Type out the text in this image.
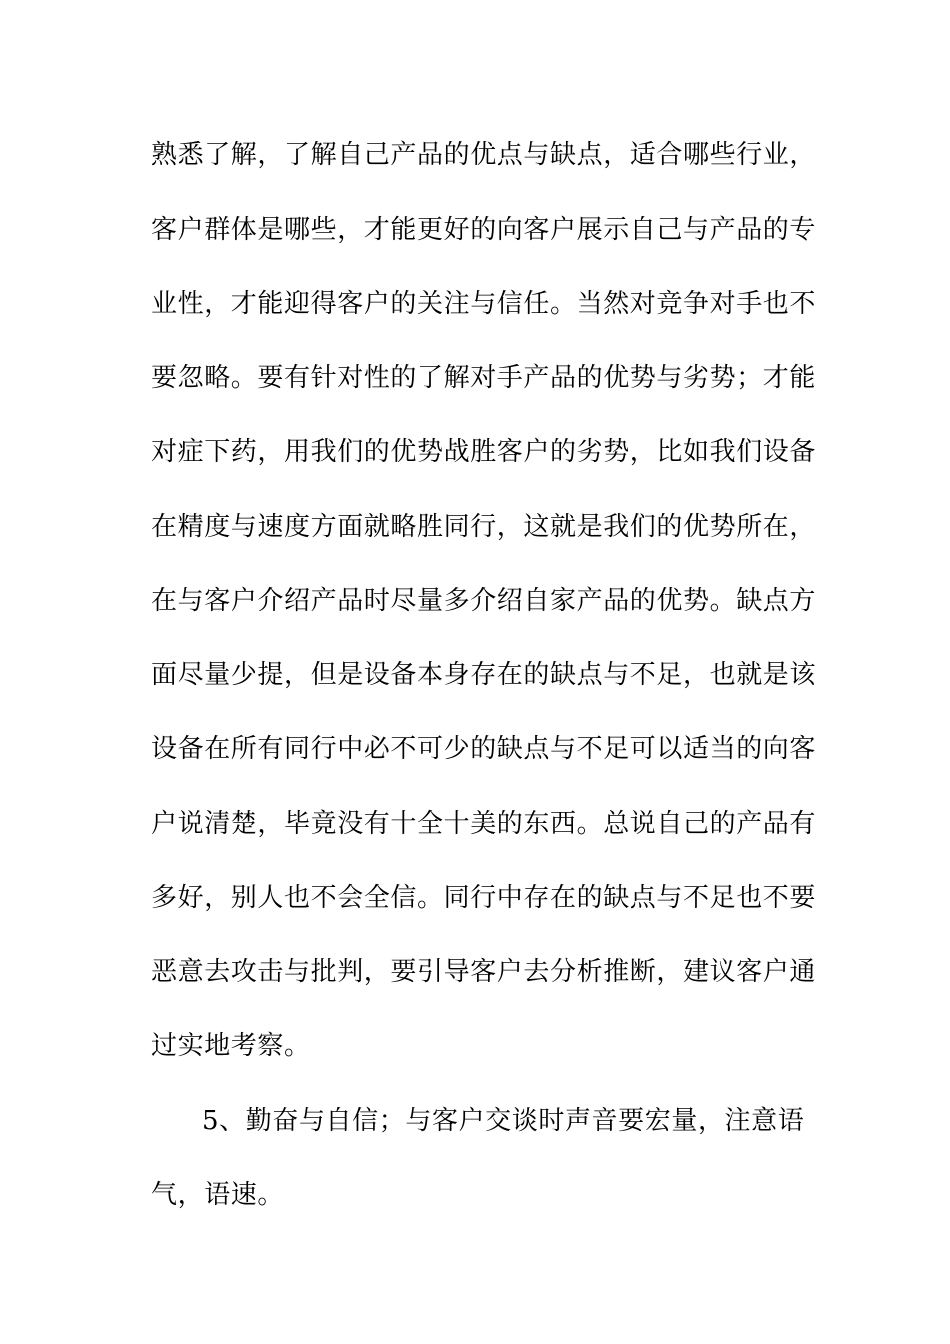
熟悉了解，了解自己产品的优点与缺点，适合哪些行业，
客户群体是哪些，才能更好的向客户展示自己与产品的专
业性，才能迎得客户的关注与信任。当然对竞争对手也不
要忽略。要有针对性的了解对手产品的优势与劣势；才能
对症下药，用我们的优势战胜客户的劣势，比如我们设备
在精度与速度方面就略胜同行，这就是我们的优势所在，
在与客户介绍产品时尽量多介绍自家产品的优势。缺点方
面尽量少提，但是设备本身存在的缺点与不足，也就是该
设备在所有同行中必不可少的缺点与不足可以适当的向客
户说清楚，毕竟没有十全十美的东西。总说自己的产品有
多好，别人也不会全信。同行中存在的缺点与不足也不要
恶意去攻击与批判，要引导客户去分析推断，建议客户通
过实地考察。
5、勤奋与自信；与客户交谈时声音要宏量，注意语
气，语速。
